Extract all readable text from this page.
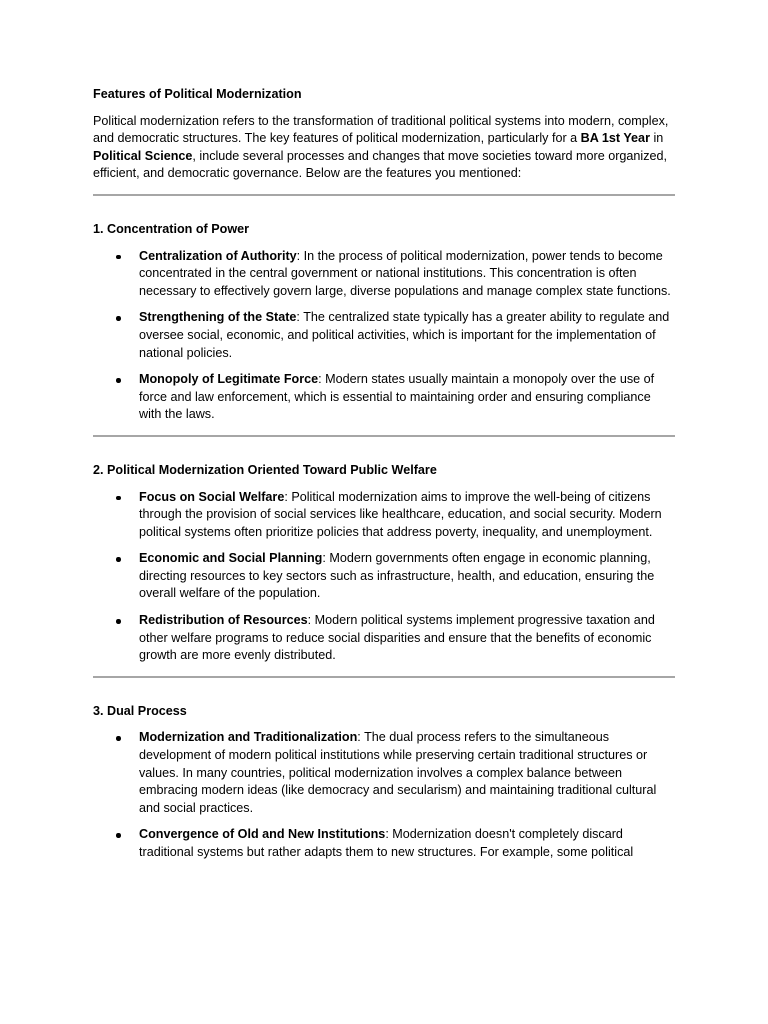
Features of Political Modernization

Political modernization refers to the transformation of traditional political systems into modern, complex, and democratic structures. The key features of political modernization, particularly for a BA 1st Year in Political Science, include several processes and changes that move societies toward more organized, efficient, and democratic governance. Below are the features you mentioned:

1. Concentration of Power
Centralization of Authority: In the process of political modernization, power tends to become concentrated in the central government or national institutions. This concentration is often necessary to effectively govern large, diverse populations and manage complex state functions.
Strengthening of the State: The centralized state typically has a greater ability to regulate and oversee social, economic, and political activities, which is important for the implementation of national policies.
Monopoly of Legitimate Force: Modern states usually maintain a monopoly over the use of force and law enforcement, which is essential to maintaining order and ensuring compliance with the laws.
2. Political Modernization Oriented Toward Public Welfare
Focus on Social Welfare: Political modernization aims to improve the well-being of citizens through the provision of social services like healthcare, education, and social security. Modern political systems often prioritize policies that address poverty, inequality, and unemployment.
Economic and Social Planning: Modern governments often engage in economic planning, directing resources to key sectors such as infrastructure, health, and education, ensuring the overall welfare of the population.
Redistribution of Resources: Modern political systems implement progressive taxation and other welfare programs to reduce social disparities and ensure that the benefits of economic growth are more evenly distributed.
3. Dual Process
Modernization and Traditionalization: The dual process refers to the simultaneous development of modern political institutions while preserving certain traditional structures or values. In many countries, political modernization involves a complex balance between embracing modern ideas (like democracy and secularism) and maintaining traditional cultural and social practices.
Convergence of Old and New Institutions: Modernization doesn't completely discard traditional systems but rather adapts them to new structures. For example, some political
